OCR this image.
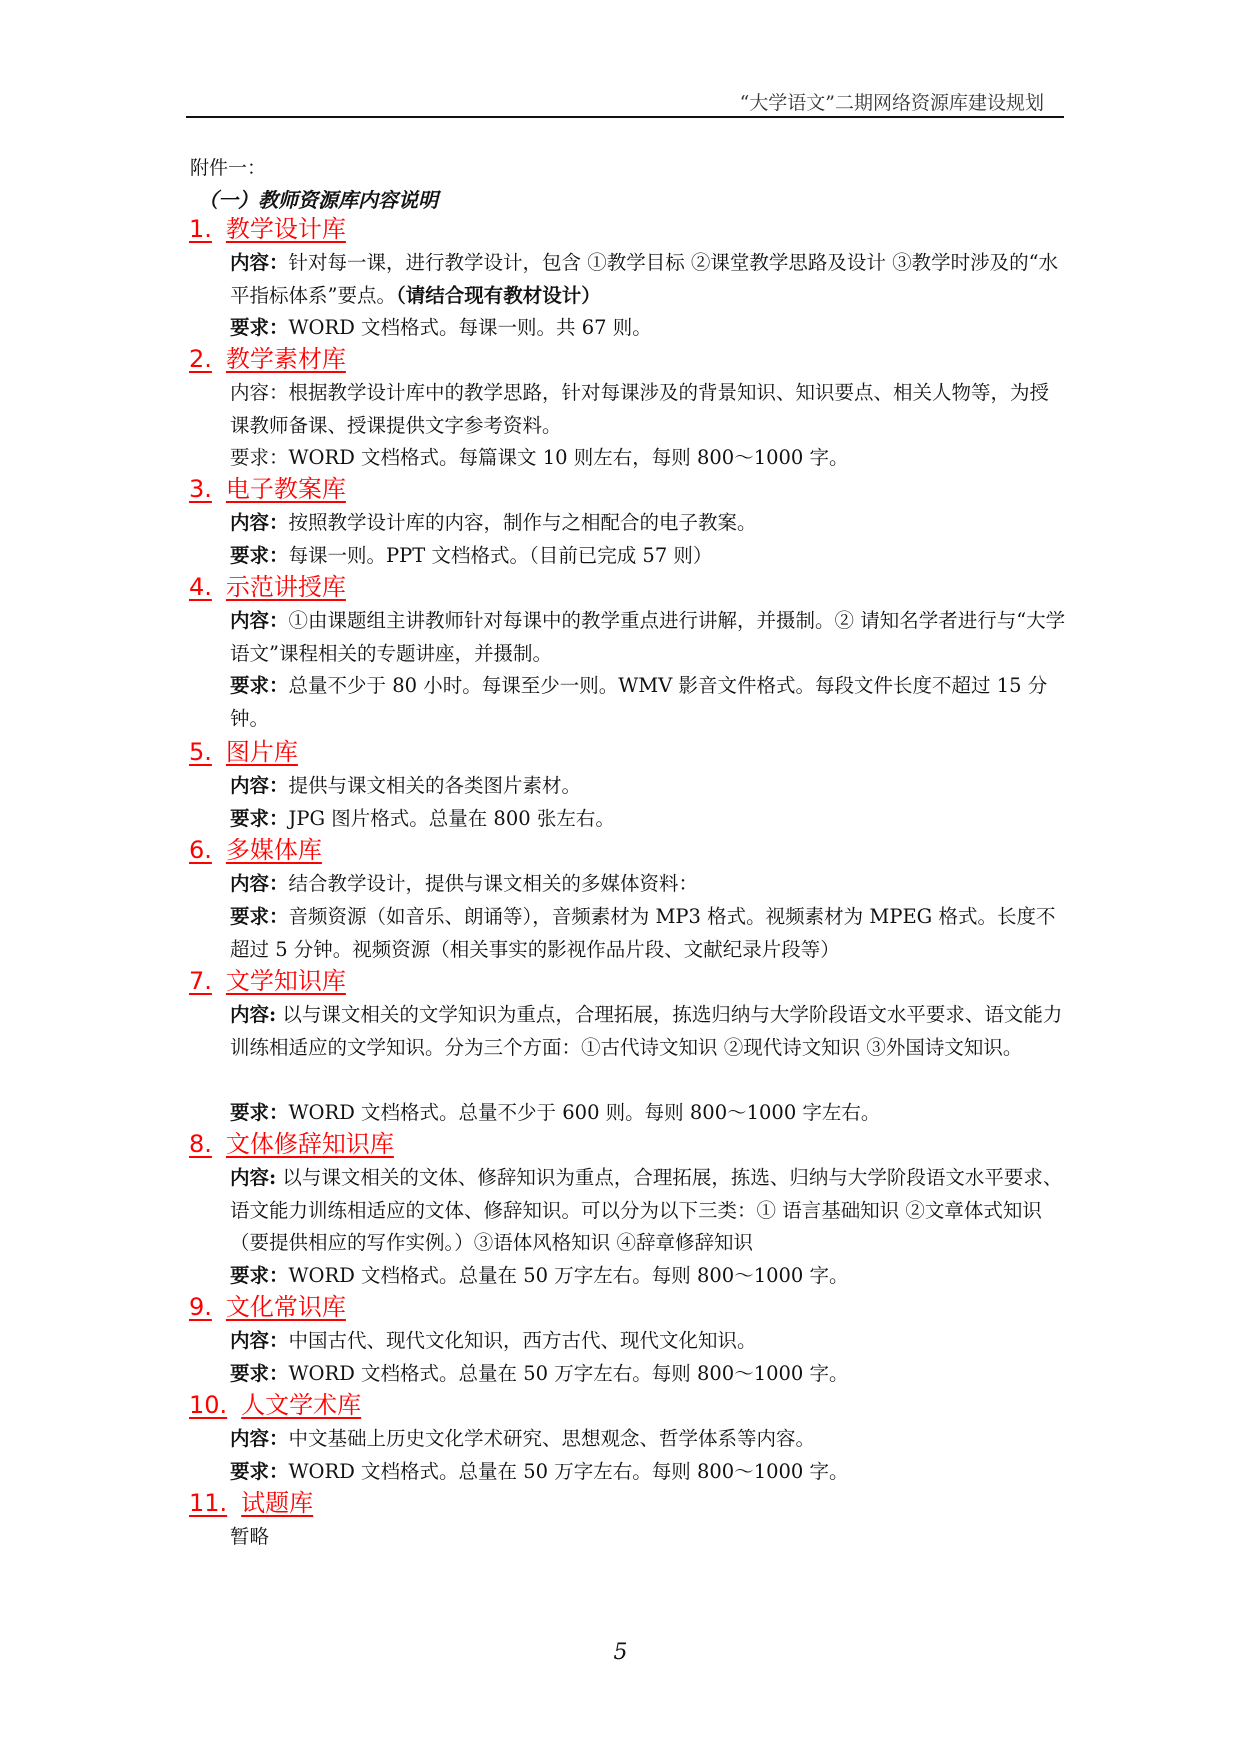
“大学语文”二期网络资源库建设规划
附件一：
（一）教师资源库内容说明
1. 教学设计库
内容：针对每一课，进行教学设计，包含 ①教学目标 ②课堂教学思路及设计 ③教学时涉及的“水平指标体系”要点。（请结合现有教材设计）
要求：WORD 文档格式。每课一则。共 67 则。
2. 教学素材库
内容：根据教学设计库中的教学思路，针对每课涉及的背景知识、知识要点、相关人物等，为授课教师备课、授课提供文字参考资料。
要求：WORD 文档格式。每篇课文 10 则左右，每则 800～1000 字。
3. 电子教案库
内容：按照教学设计库的内容，制作与之相配合的电子教案。
要求：每课一则。PPT 文档格式。（目前已完成 57 则）
4. 示范讲授库
内容：①由课题组主讲教师针对每课中的教学重点进行讲解，并摄制。② 请知名学者进行与“大学语文”课程相关的专题讲座，并摄制。
要求：总量不少于 80 小时。每课至少一则。WMV 影音文件格式。每段文件长度不超过 15 分钟。
5. 图片库
内容：提供与课文相关的各类图片素材。
要求：JPG 图片格式。总量在 800 张左右。
6. 多媒体库
内容：结合教学设计，提供与课文相关的多媒体资料：
要求：音频资源（如音乐、朗诵等），音频素材为 MP3 格式。视频素材为 MPEG 格式。长度不超过 5 分钟。视频资源（相关事实的影视作品片段、文献纪录片段等）
7. 文学知识库
内容: 以与课文相关的文学知识为重点，合理拓展，拣选归纳与大学阶段语文水平要求、语文能力训练相适应的文学知识。分为三个方面：①古代诗文知识 ②现代诗文知识 ③外国诗文知识。
要求：WORD 文档格式。总量不少于 600 则。每则 800～1000 字左右。
8. 文体修辞知识库
内容: 以与课文相关的文体、修辞知识为重点，合理拓展，拣选、归纳与大学阶段语文水平要求、语文能力训练相适应的文体、修辞知识。可以分为以下三类：① 语言基础知识 ②文章体式知识（要提供相应的写作实例。）③语体风格知识 ④辞章修辞知识
要求：WORD 文档格式。总量在 50 万字左右。每则 800～1000 字。
9. 文化常识库
内容：中国古代、现代文化知识，西方古代、现代文化知识。
要求：WORD 文档格式。总量在 50 万字左右。每则 800～1000 字。
10. 人文学术库
内容：中文基础上历史文化学术研究、思想观念、哲学体系等内容。
要求：WORD 文档格式。总量在 50 万字左右。每则 800～1000 字。
11. 试题库
暂略
5
